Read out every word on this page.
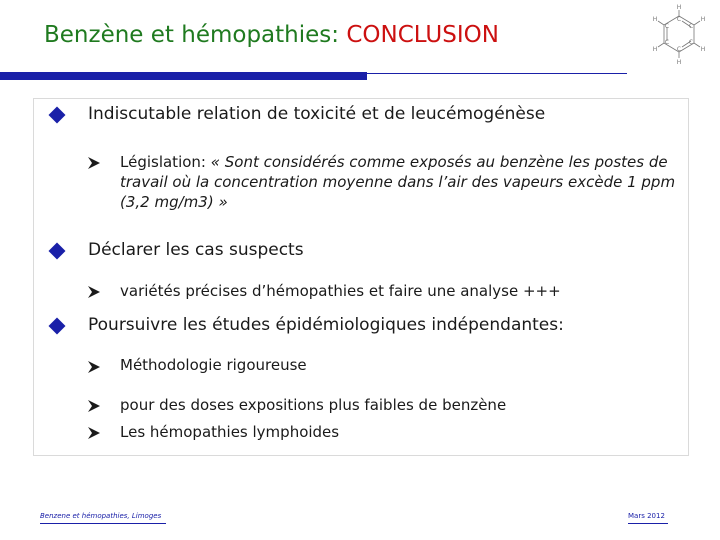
Benzène et hémopathies: CONCLUSION
H
H
H
H
H
H	C
C
C
C
C
C
Indiscutable relation de toxicité et de leucémogénèse
Législation: « Sont considérés comme exposés au benzène les postes de travail où la concentration moyenne dans l’air des vapeurs excède 1 ppm (3,2 mg/m3) »
Déclarer les cas suspects
variétés précises d’hémopathies et faire une analyse +++
Poursuivre les études épidémiologiques indépendantes:
Méthodologie rigoureuse
pour des doses expositions plus faibles de benzène
Les hémopathies lymphoides
Benzene et hémopathies, Limoges	Mars 2012
